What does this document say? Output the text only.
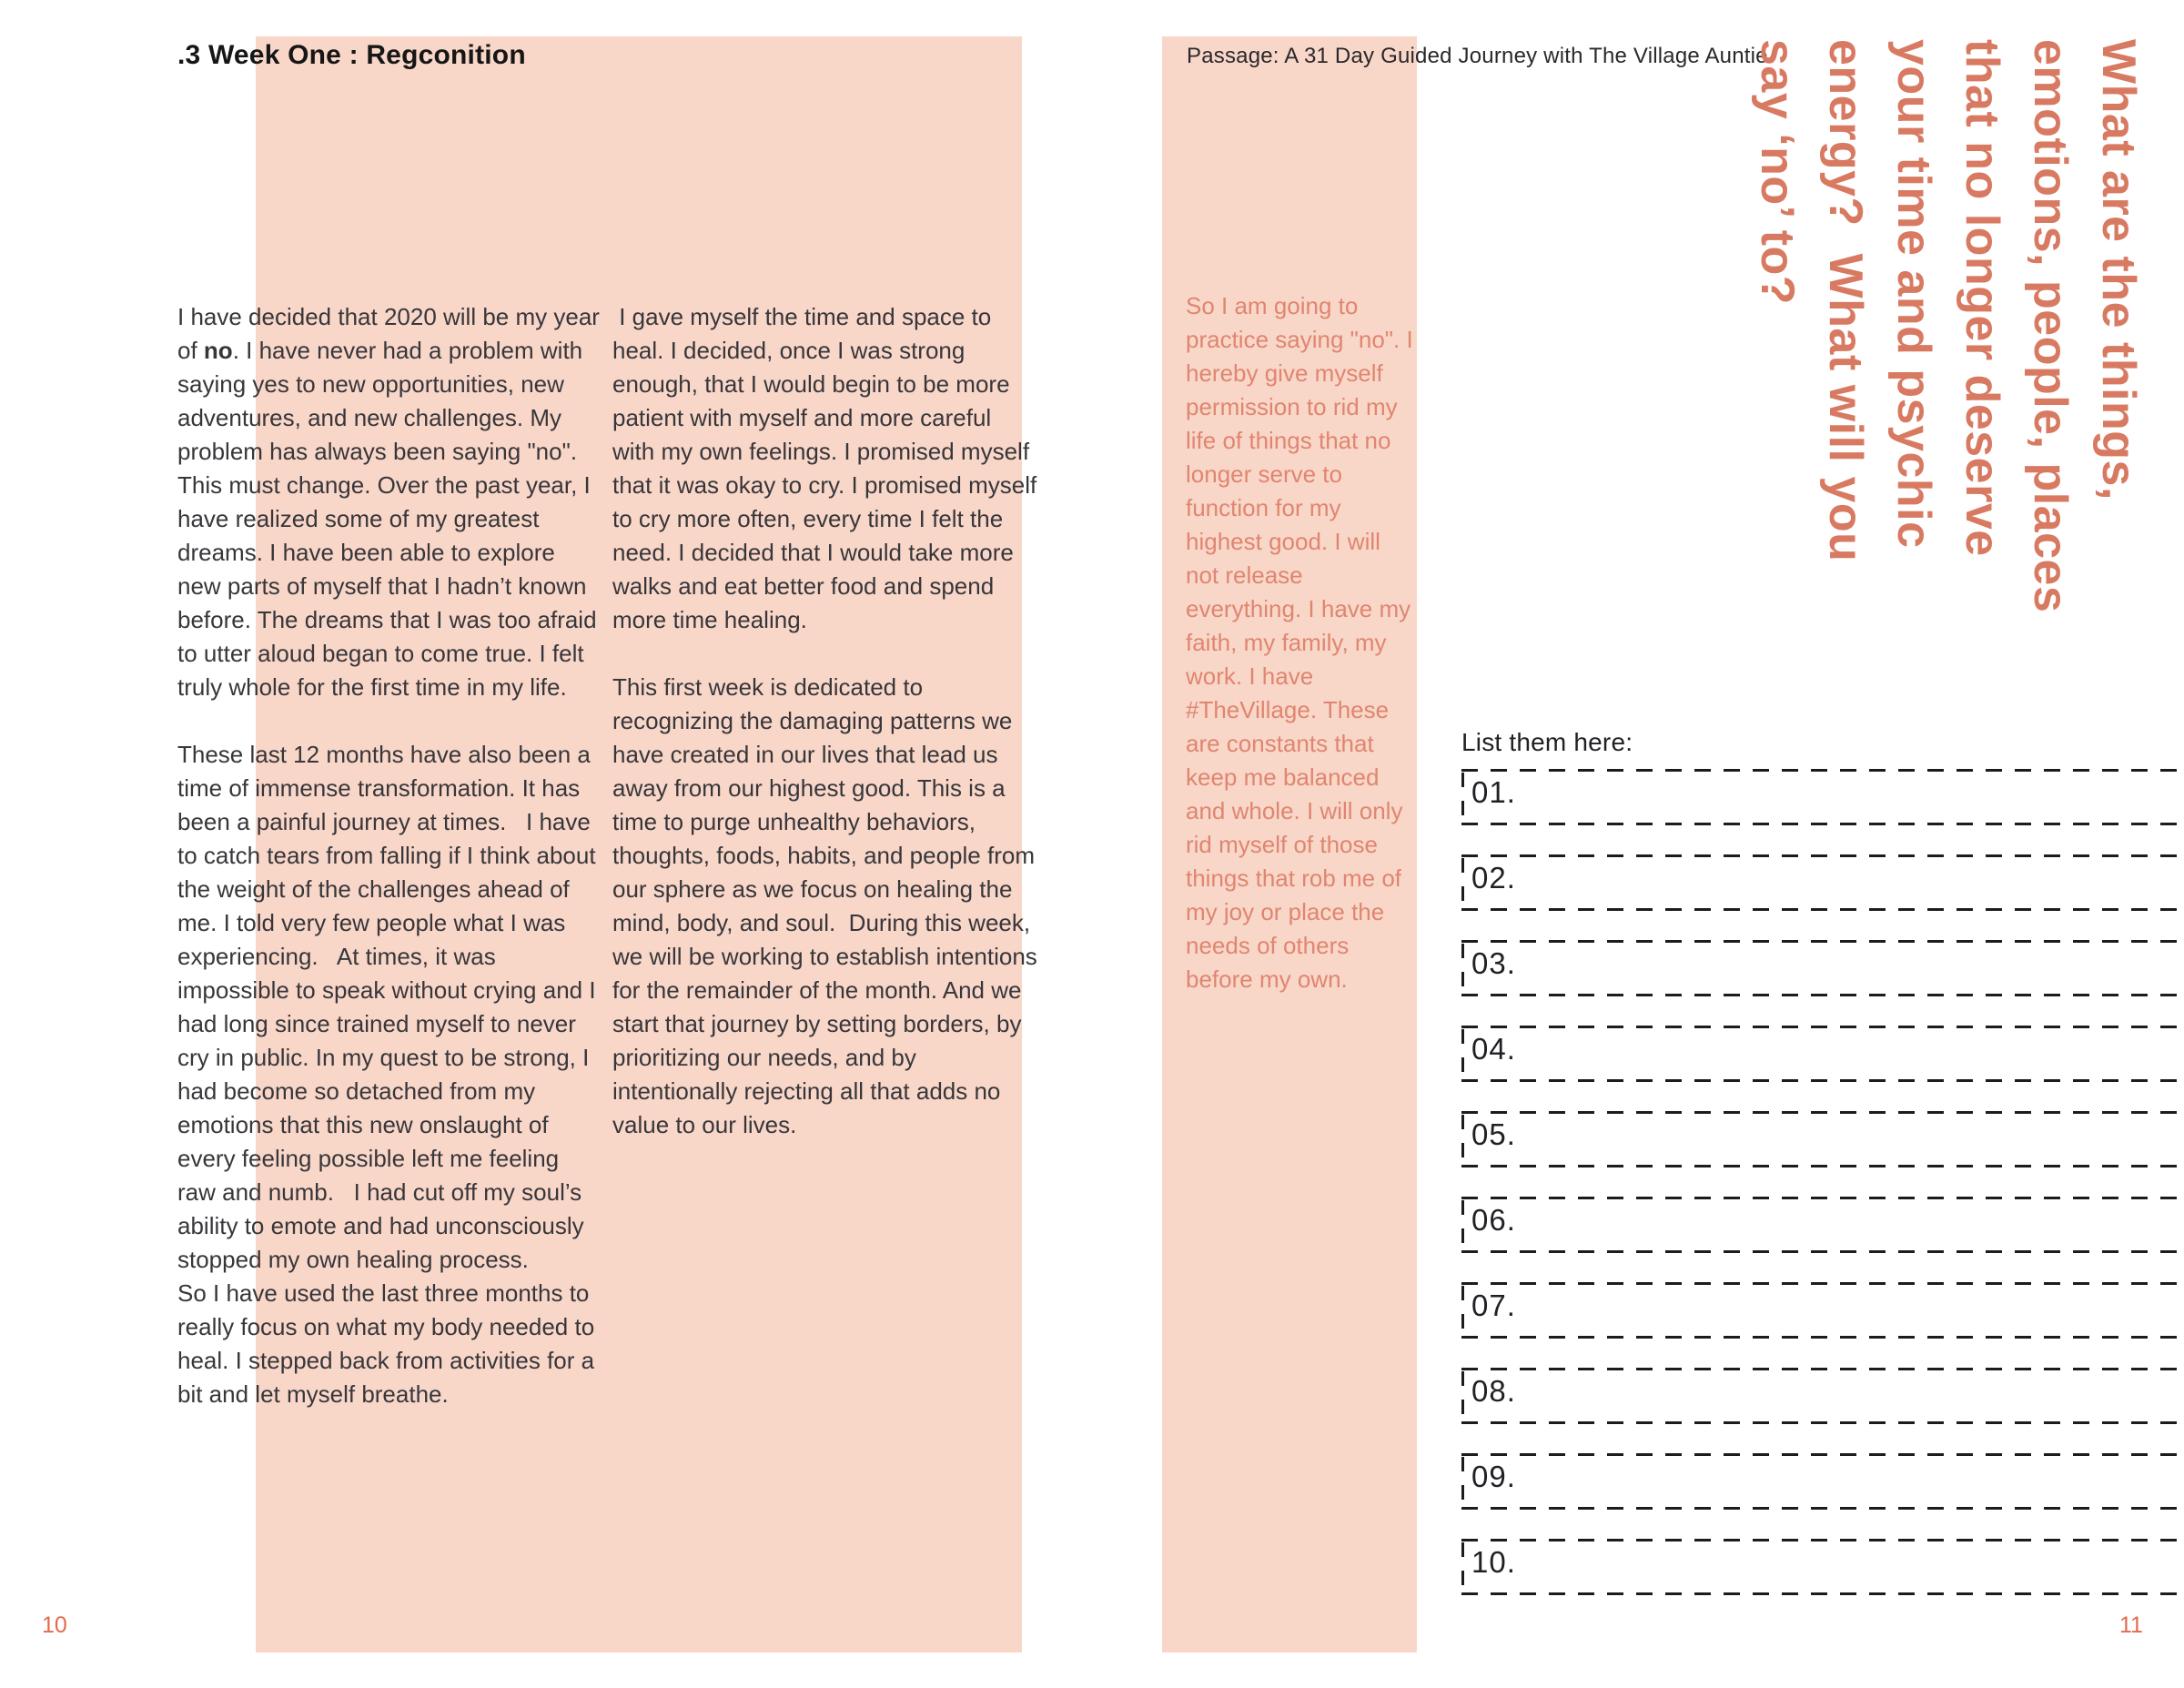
.3 Week One : Regconition

I have decided that 2020 will be my year of no. I have never had a problem with saying yes to new opportunities, new adventures, and new challenges. My problem has always been saying "no". This must change. Over the past year, I have realized some of my greatest dreams. I have been able to explore new parts of myself that I hadn’t known before. The dreams that I was too afraid to utter aloud began to come true. I felt truly whole for the first time in my life.

These last 12 months have also been a time of immense transformation. It has been a painful journey at times.   I have to catch tears from falling if I think about the weight of the challenges ahead of me. I told very few people what I was experiencing.   At times, it was impossible to speak without crying and I had long since trained myself to never cry in public. In my quest to be strong, I had become so detached from my emotions that this new onslaught of every feeling possible left me feeling raw and numb.   I had cut off my soul’s ability to emote and had unconsciously stopped my own healing process.

So I have used the last three months to really focus on what my body needed to heal. I stepped back from activities for a bit and let myself breathe.

I gave myself the time and space to heal. I decided, once I was strong enough, that I would begin to be more patient with myself and more careful with my own feelings. I promised myself that it was okay to cry. I promised myself to cry more often, every time I felt the need. I decided that I would take more walks and eat better food and spend more time healing.

This first week is dedicated to recognizing the damaging patterns we have created in our lives that lead us away from our highest good. This is a time to purge unhealthy behaviors, thoughts, foods, habits, and people from our sphere as we focus on healing the mind, body, and soul.  During this week, we will be working to establish intentions for the remainder of the month. And we start that journey by setting borders, by prioritizing our needs, and by intentionally rejecting all that adds no value to our lives.

Passage: A 31 Day Guided Journey with The Village Auntie
So I am going to practice saying "no". I hereby give myself permission to rid my life of things that no longer serve to function for my highest good. I will not release everything. I have my faith, my family, my work. I have #TheVillage. These are constants that keep me balanced and whole. I will only rid myself of those things that rob me of my joy or place the needs of others before my own.
What are the things,
emotions, people, places
that no longer deserve
your time and psychic
energy?  What will you
say ‘no’ to?
List them here:
01.
02.
03.
04.
05.
06.
07.
08.
09.
10.
10	11
